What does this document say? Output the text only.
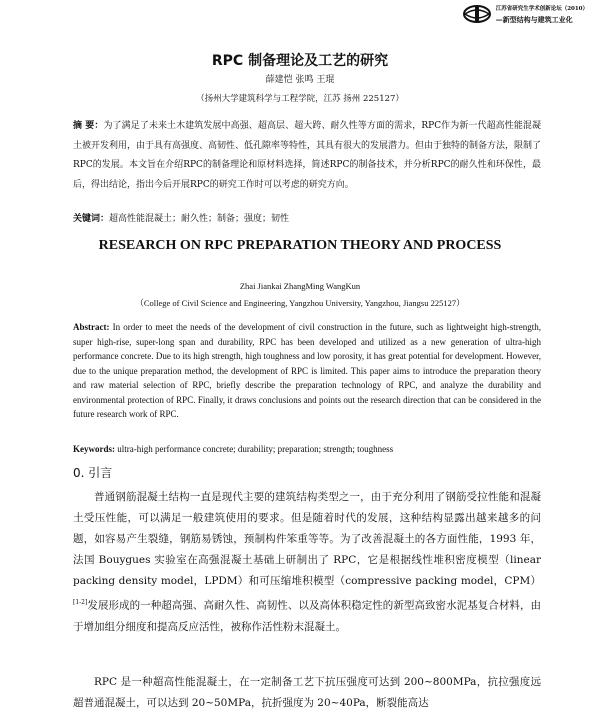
江苏省研究生学术创新论坛（2010）
—新型结构与建筑工业化
RPC 制备理论及工艺的研究
薛建恺 张鸣 王琨
（扬州大学建筑科学与工程学院，江苏 扬州 225127）
摘 要：为了满足了未来土木建筑发展中高强、超高层、超大跨、耐久性等方面的需求，RPC作为新一代超高性能混凝土被开发利用，由于具有高强度、高韧性、低孔隙率等特性，其具有很大的发展潜力。但由于独特的制备方法，限制了RPC的发展。本文旨在介绍RPC的制备理论和原材料选择，简述RPC的制备技术，并分析RPC的耐久性和环保性，最后，得出结论，指出今后开展RPC的研究工作时可以考虑的研究方向。
关键词：超高性能混凝土；耐久性；制备；强度；韧性
RESEARCH ON RPC PREPARATION THEORY AND PROCESS
Zhai Jiankai ZhangMing WangKun
（College of Civil Science and Engineering, Yangzhou University, Yangzhou, Jiangsu 225127）
Abstract: In order to meet the needs of the development of civil construction in the future, such as lightweight high-strength, super high-rise, super-long span and durability, RPC has been developed and utilized as a new generation of ultra-high performance concrete. Due to its high strength, high toughness and low porosity, it has great potential for development. However, due to the unique preparation method, the development of RPC is limited. This paper aims to introduce the preparation theory and raw material selection of RPC, briefly describe the preparation technology of RPC, and analyze the durability and environmental protection of RPC. Finally, it draws conclusions and points out the research direction that can be considered in the future research work of RPC.
Keywords: ultra-high performance concrete; durability; preparation; strength; toughness
0. 引言
普通钢筋混凝土结构一直是现代主要的建筑结构类型之一，由于充分利用了钢筋受拉性能和混凝土受压性能，可以满足一般建筑使用的要求。但是随着时代的发展，这种结构显露出越来越多的问题，如容易产生裂缝，钢筋易锈蚀，预制构件笨重等等。为了改善混凝土的各方面性能，1993 年，法国 Bouygues 实验室在高强混凝土基础上研制出了 RPC，它是根据线性堆积密度模型（linear packing density model，LPDM）和可压缩堆积模型（compressive packing model，CPM）[1-2]发展形成的一种超高强、高耐久性、高韧性、以及高体积稳定性的新型高致密水泥基复合材料，由于增加组分细度和提高反应活性，被称作活性粉末混凝土。
RPC 是一种超高性能混凝土，在一定制备工艺下抗压强度可达到 200~800MPa，抗拉强度远超普通混凝土，可以达到 20~50MPa，抗折强度为 20~40Pa，断裂能高达
